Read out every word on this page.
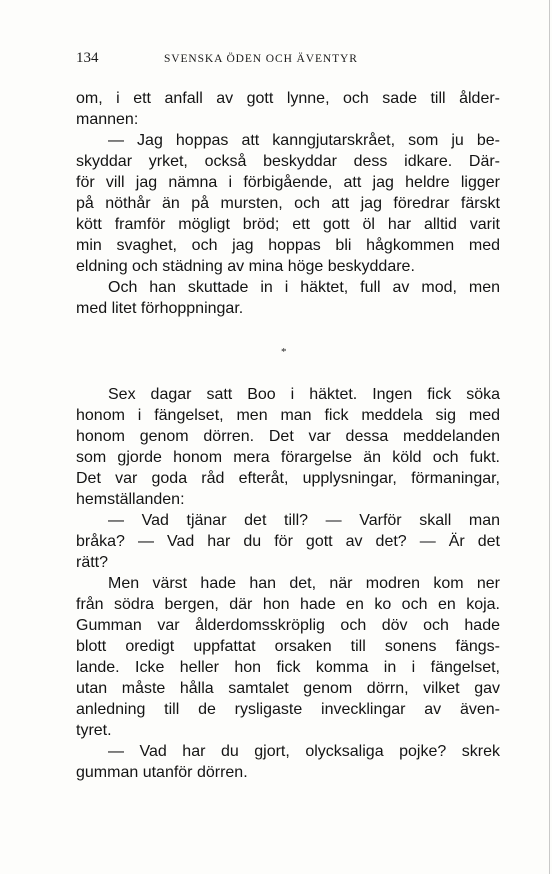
134	SVENSKA ÖDEN OCH ÄVENTYR
om, i ett anfall av gott lynne, och sade till ålder-
mannen:
— Jag hoppas att kanngjutarskrået, som ju be-
skyddar yrket, också beskyddar dess idkare. Där-
för vill jag nämna i förbigående, att jag heldre ligger
på nöthår än på mursten, och att jag föredrar färskt
kött framför mögligt bröd; ett gott öl har alltid varit
min svaghet, och jag hoppas bli hågkommen med
eldning och städning av mina höge beskyddare.
Och han skuttade in i häktet, full av mod, men
med litet förhoppningar.
*
Sex dagar satt Boo i häktet. Ingen fick söka
honom i fängelset, men man fick meddela sig med
honom genom dörren. Det var dessa meddelanden
som gjorde honom mera förargelse än köld och fukt.
Det var goda råd efteråt, upplysningar, förmaningar,
hemställanden:
— Vad tjänar det till? — Varför skall man
bråka? — Vad har du för gott av det? — Är det
rätt?
Men värst hade han det, när modren kom ner
från södra bergen, där hon hade en ko och en koja.
Gumman var ålderdomsskröplig och döv och hade
blott oredigt uppfattat orsaken till sonens fängs-
lande. Icke heller hon fick komma in i fängelset,
utan måste hålla samtalet genom dörrn, vilket gav
anledning till de rysligaste invecklingar av även-
tyret.
— Vad har du gjort, olycksaliga pojke? skrek
gumman utanför dörren.
